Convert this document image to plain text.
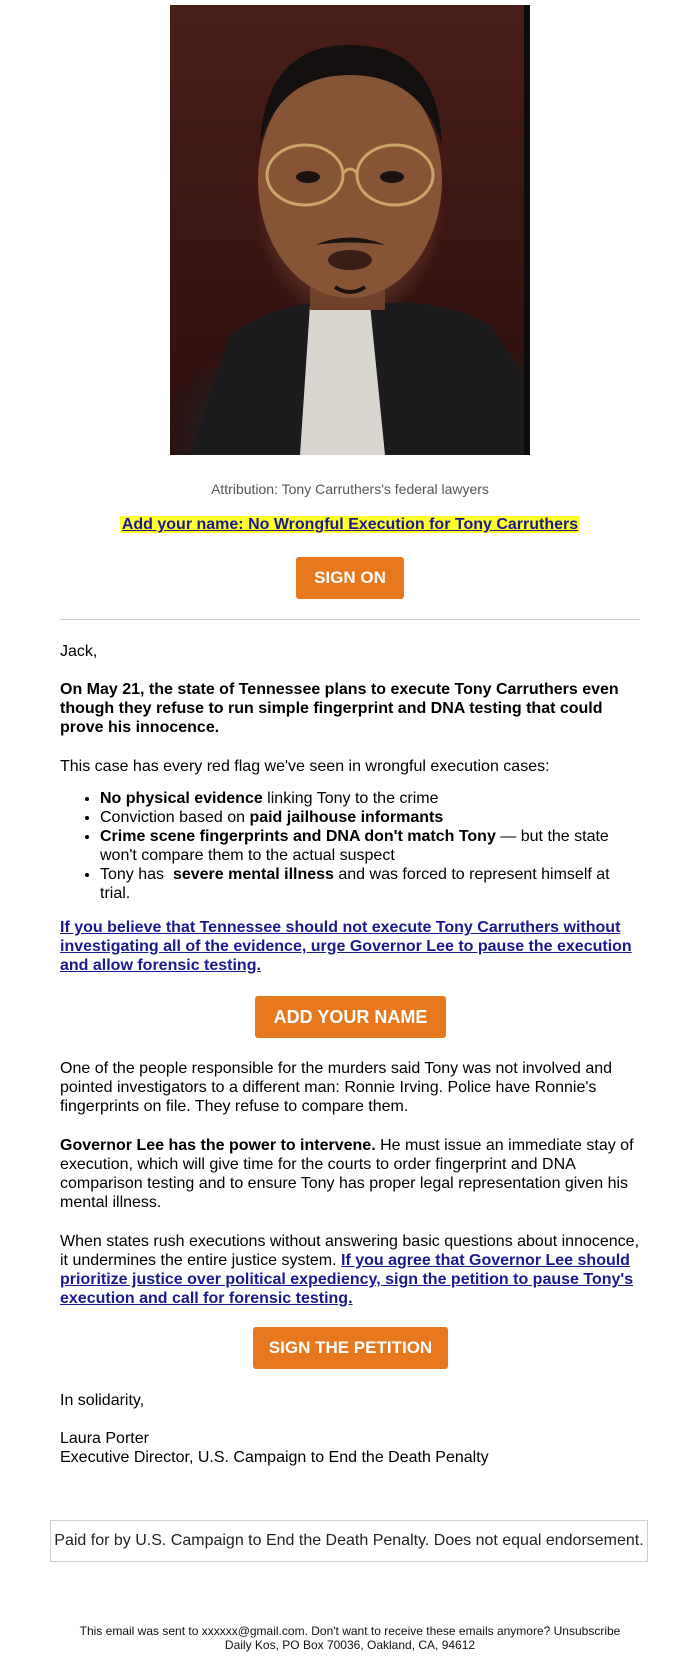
Attribution: Tony Carruthers's federal lawyers
Add your name: No Wrongful Execution for Tony Carruthers
SIGN ON
Jack,
On May 21, the state of Tennessee plans to execute Tony Carruthers even though they refuse to run simple fingerprint and DNA testing that could prove his innocence.
This case has every red flag we've seen in wrongful execution cases:
• No physical evidence linking Tony to the crime
• Conviction based on paid jailhouse informants
• Crime scene fingerprints and DNA don't match Tony — but the state won't compare them to the actual suspect
• Tony has  severe mental illness and was forced to represent himself at trial.
If you believe that Tennessee should not execute Tony Carruthers without investigating all of the evidence, urge Governor Lee to pause the execution and allow forensic testing.
ADD YOUR NAME
One of the people responsible for the murders said Tony was not involved and pointed investigators to a different man: Ronnie Irving. Police have Ronnie's fingerprints on file. They refuse to compare them.
Governor Lee has the power to intervene. He must issue an immediate stay of execution, which will give time for the courts to order fingerprint and DNA comparison testing and to ensure Tony has proper legal representation given his mental illness.
When states rush executions without answering basic questions about innocence, it undermines the entire justice system. If you agree that Governor Lee should prioritize justice over political expediency, sign the petition to pause Tony's execution and call for forensic testing.
SIGN THE PETITION
In solidarity,
Laura Porter
Executive Director, U.S. Campaign to End the Death Penalty
Paid for by U.S. Campaign to End the Death Penalty. Does not equal endorsement.
This email was sent to xxxxxx@gmail.com. Don't want to receive these emails anymore? Unsubscribe
Daily Kos, PO Box 70036, Oakland, CA, 94612
